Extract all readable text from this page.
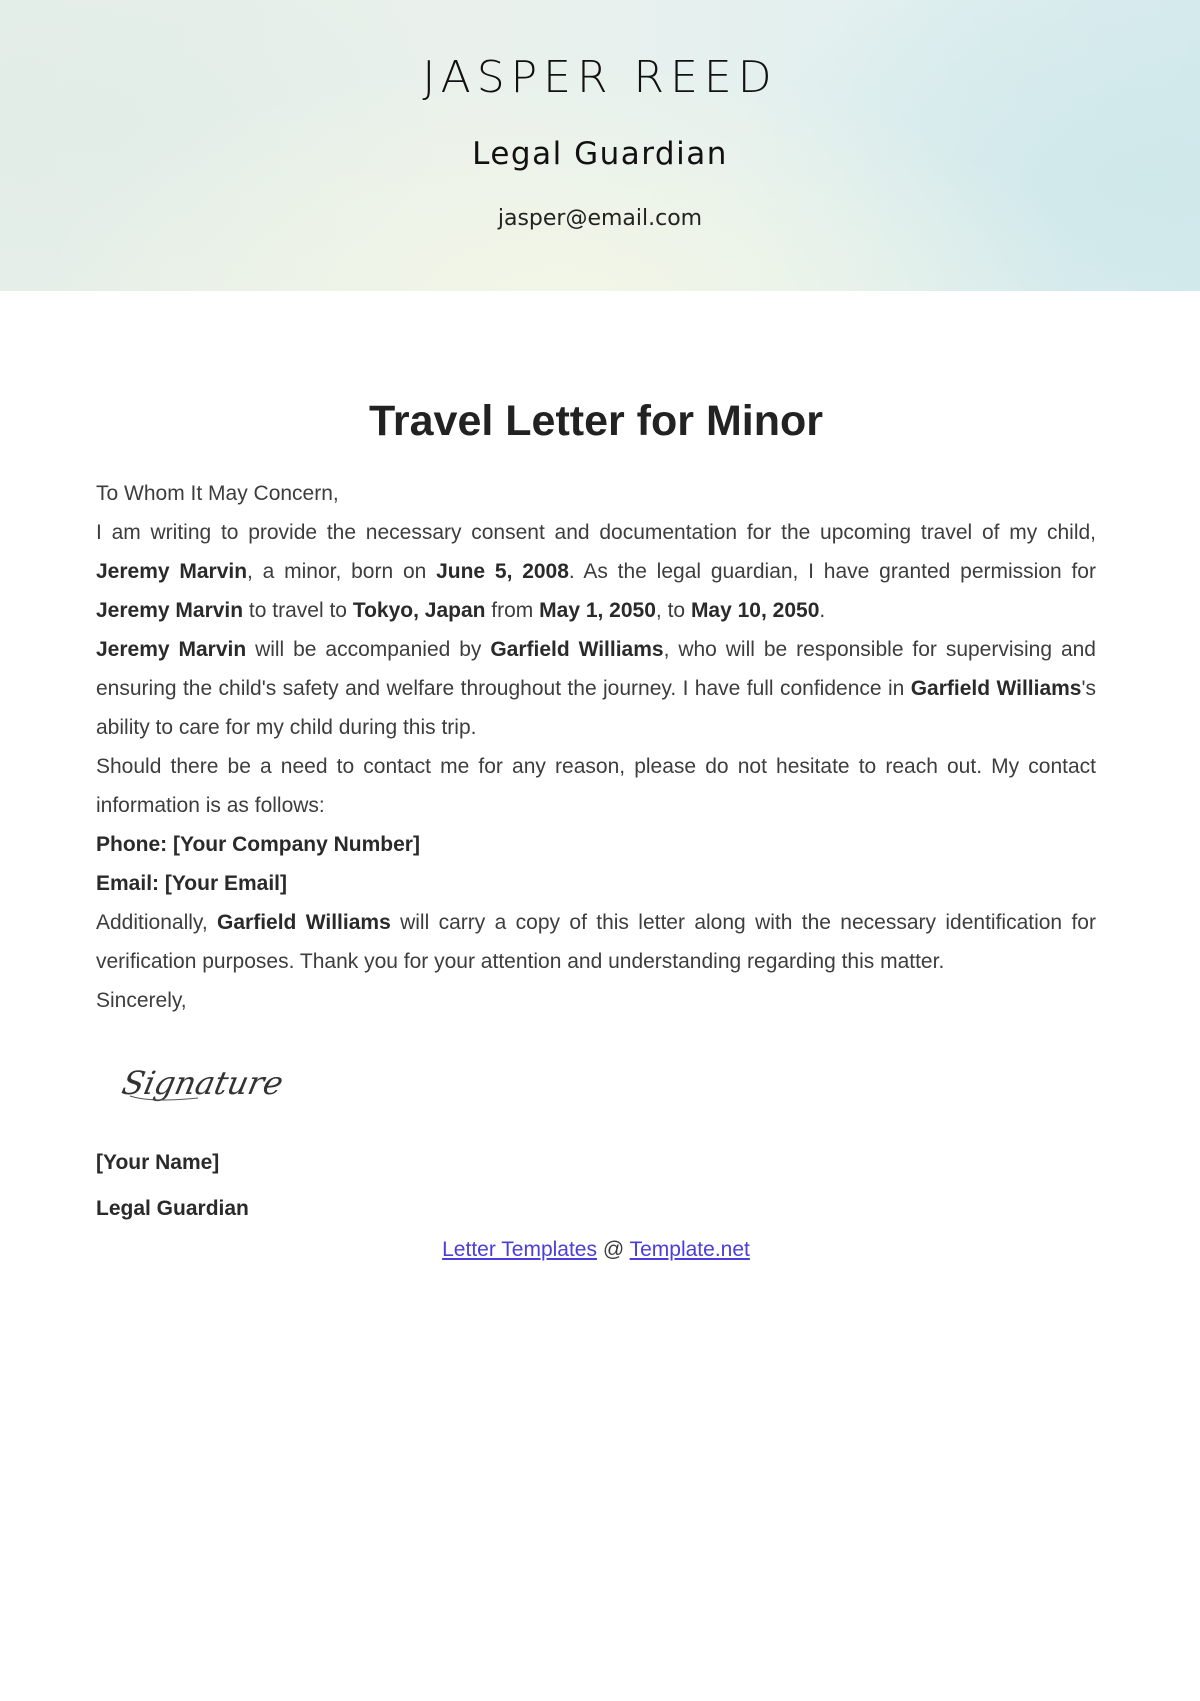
JASPER REED
Legal Guardian
jasper@email.com
Travel Letter for Minor

To Whom It May Concern,

I am writing to provide the necessary consent and documentation for the upcoming travel of my child, Jeremy Marvin, a minor, born on June 5, 2008. As the legal guardian, I have granted permission for Jeremy Marvin to travel to Tokyo, Japan from May 1, 2050, to May 10, 2050.

Jeremy Marvin will be accompanied by Garfield Williams, who will be responsible for supervising and ensuring the child's safety and welfare throughout the journey. I have full confidence in Garfield Williams's ability to care for my child during this trip.

Should there be a need to contact me for any reason, please do not hesitate to reach out. My contact information is as follows:

Phone: [Your Company Number]

Email: [Your Email]

Additionally, Garfield Williams will carry a copy of this letter along with the necessary identification for verification purposes. Thank you for your attention and understanding regarding this matter.

Sincerely,

Signature

[Your Name]

Legal Guardian

Letter Templates @ Template.net
